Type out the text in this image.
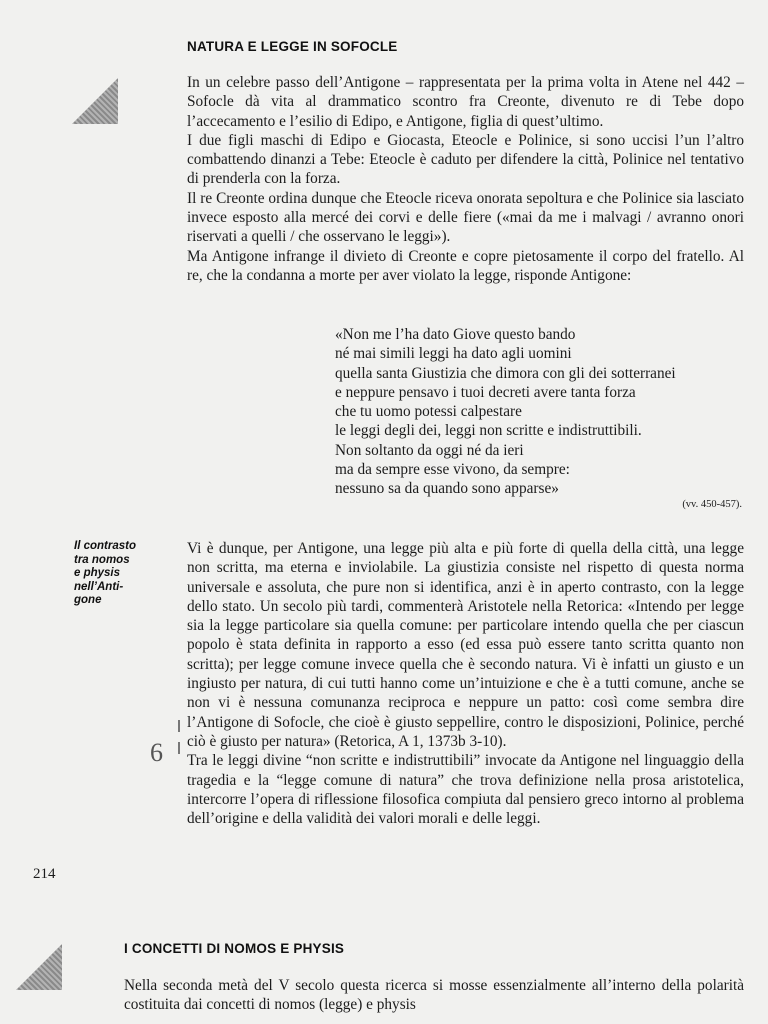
NATURA E LEGGE IN SOFOCLE

In un celebre passo dell’Antigone – rappresentata per la prima volta in Atene nel 442 – Sofocle dà vita al drammatico scontro fra Creonte, divenuto re di Tebe dopo l’accecamento e l’esilio di Edipo, e Antigone, figlia di quest’ultimo.

I due figli maschi di Edipo e Giocasta, Eteocle e Polinice, si sono uccisi l’un l’altro combattendo dinanzi a Tebe: Eteocle è caduto per difendere la città, Polinice nel tentativo di prenderla con la forza.

Il re Creonte ordina dunque che Eteocle riceva onorata sepoltura e che Polinice sia lasciato invece esposto alla mercé dei corvi e delle fiere («mai da me i malvagi / avranno onori riservati a quelli / che osservano le leggi»).

Ma Antigone infrange il divieto di Creonte e copre pietosamente il corpo del fratello. Al re, che la condanna a morte per aver violato la legge, risponde Antigone:

«Non me l’ha dato Giove questo bando
né mai simili leggi ha dato agli uomini
quella santa Giustizia che dimora con gli dei sotterranei
e neppure pensavo i tuoi decreti avere tanta forza
che tu uomo potessi calpestare
le leggi degli dei, leggi non scritte e indistruttibili.
Non soltanto da oggi né da ieri
ma da sempre esse vivono, da sempre:
nessuno sa da quando sono apparse»
(vv. 450-457).
Il contrasto
tra nomos
e physis
nell’Anti-
gone

Vi è dunque, per Antigone, una legge più alta e più forte di quella della città, una legge non scritta, ma eterna e inviolabile. La giustizia consiste nel rispetto di questa norma universale e assoluta, che pure non si identifica, anzi è in aperto contrasto, con la legge dello stato. Un secolo più tardi, commenterà Aristotele nella Retorica: «Intendo per legge sia la legge particolare sia quella comune: per particolare intendo quella che per ciascun popolo è stata definita in rapporto a esso (ed essa può essere tanto scritta quanto non scritta); per legge comune invece quella che è secondo natura. Vi è infatti un giusto e un ingiusto per natura, di cui tutti hanno come un’intuizione e che è a tutti comune, anche se non vi è nessuna comunanza reciproca e neppure un patto: così come sembra dire l’Antigone di Sofocle, che cioè è giusto seppellire, contro le disposizioni, Polinice, perché ciò è giusto per natura» (Retorica, A 1, 1373b 3-10).

Tra le leggi divine “non scritte e indistruttibili” invocate da Antigone nel linguaggio della tragedia e la “legge comune di natura” che trova definizione nella prosa aristotelica, intercorre l’opera di riflessione filosofica compiuta dal pensiero greco intorno al problema dell’origine e della validità dei valori morali e delle leggi.

6
214
I CONCETTI DI NOMOS E PHYSIS

Nella seconda metà del V secolo questa ricerca si mosse essenzialmente all’interno della polarità costituita dai concetti di nomos (legge) e physis
